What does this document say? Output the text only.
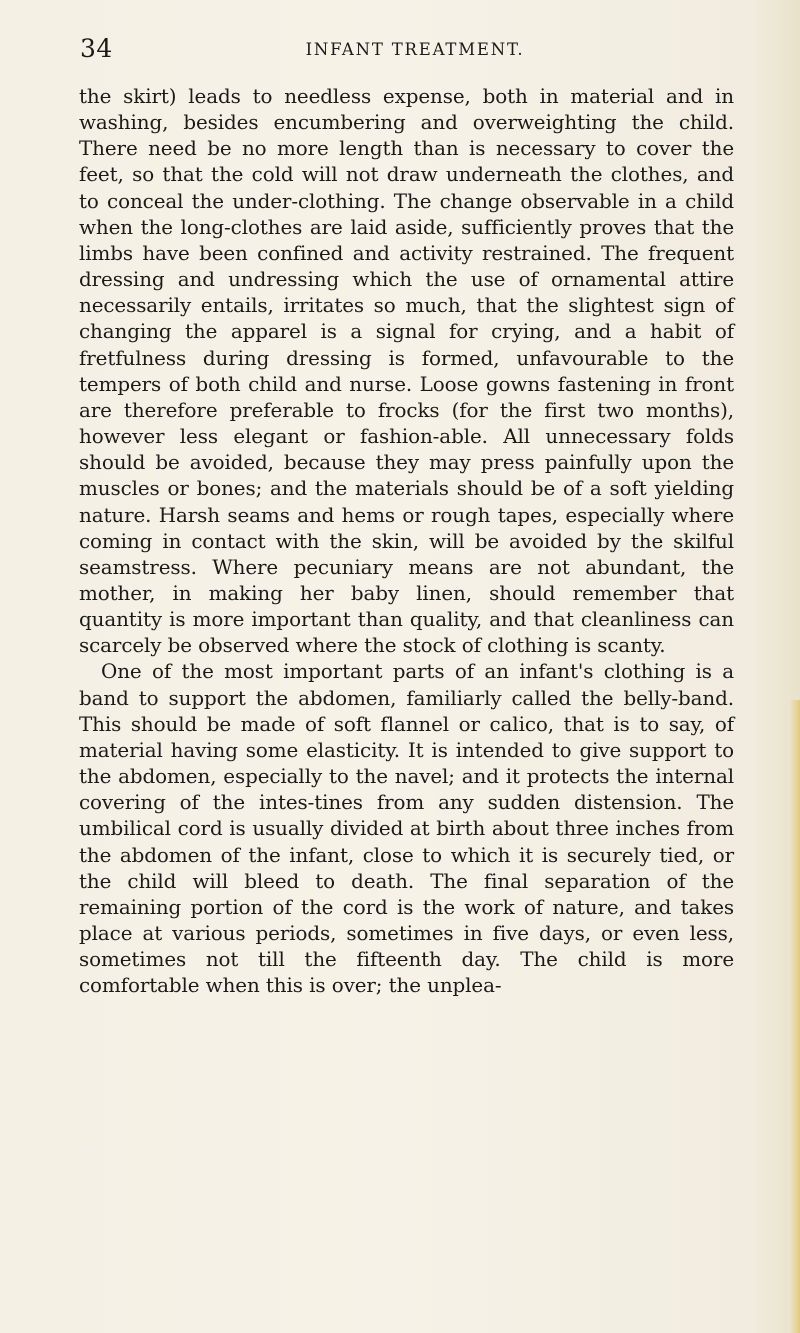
34	INFANT TREATMENT.

the skirt) leads to needless expense, both in material and in washing, besides encumbering and overweighting the child. There need be no more length than is necessary to cover the feet, so that the cold will not draw underneath the clothes, and to conceal the under-clothing. The change observable in a child when the long-clothes are laid aside, sufficiently proves that the limbs have been confined and activity restrained. The frequent dressing and undressing which the use of ornamental attire necessarily entails, irritates so much, that the slightest sign of changing the apparel is a signal for crying, and a habit of fretfulness during dressing is formed, unfavourable to the tempers of both child and nurse. Loose gowns fastening in front are therefore preferable to frocks (for the first two months), however less elegant or fashion-able. All unnecessary folds should be avoided, because they may press painfully upon the muscles or bones; and the materials should be of a soft yielding nature. Harsh seams and hems or rough tapes, especially where coming in contact with the skin, will be avoided by the skilful seamstress. Where pecuniary means are not abundant, the mother, in making her baby linen, should remember that quantity is more important than quality, and that cleanliness can scarcely be observed where the stock of clothing is scanty.

One of the most important parts of an infant's clothing is a band to support the abdomen, familiarly called the belly-band. This should be made of soft flannel or calico, that is to say, of material having some elasticity. It is intended to give support to the abdomen, especially to the navel; and it protects the internal covering of the intes-tines from any sudden distension. The umbilical cord is usually divided at birth about three inches from the abdomen of the infant, close to which it is securely tied, or the child will bleed to death. The final separation of the remaining portion of the cord is the work of nature, and takes place at various periods, sometimes in five days, or even less, sometimes not till the fifteenth day. The child is more comfortable when this is over; the unplea-
